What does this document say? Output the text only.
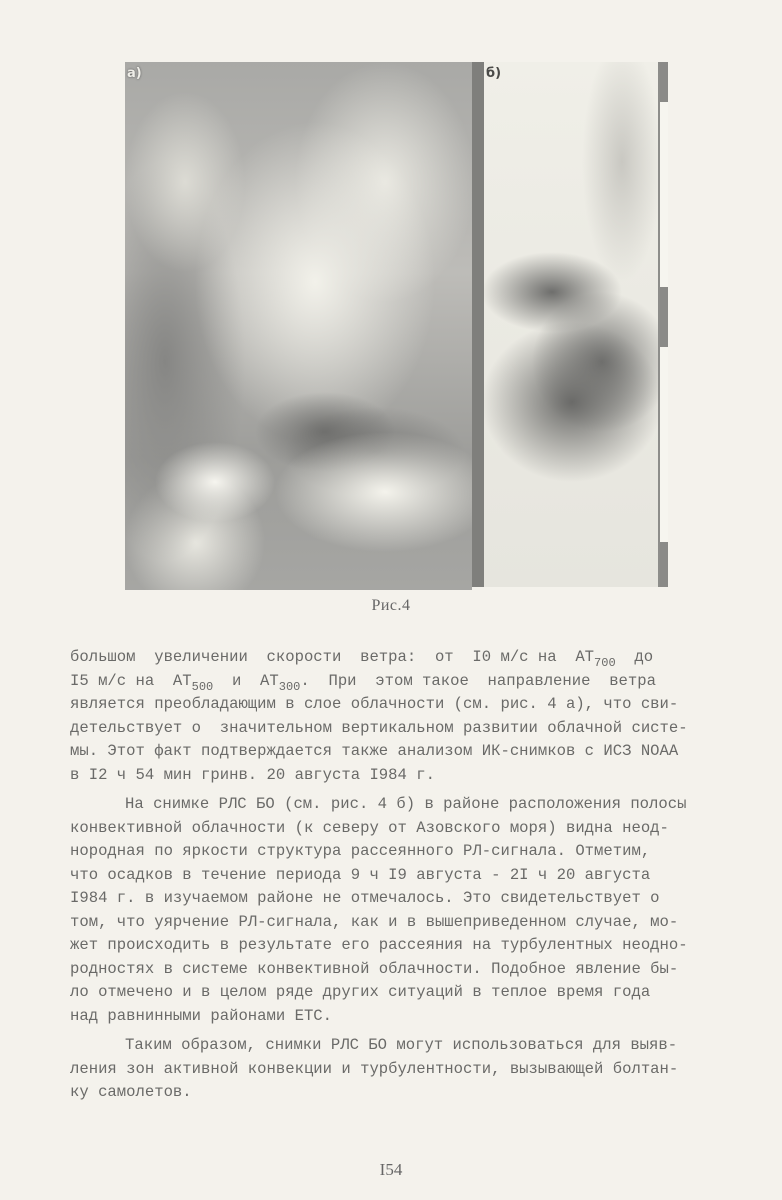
а)	б)
Рис.4
большом  увеличении  скорости  ветра:  от  I0 м/с на  $АТ_{700}$  до
I5 м/с на  $АТ_{500}$  и  $АТ_{300}$.  При  этом такое  направление  ветра
является преобладающим в слое облачности (см. рис. 4 а), что сви-
детельствует о  значительном вертикальном развитии облачной систе-
мы. Этот факт подтверждается также анализом ИК-снимков с ИСЗ NOAA
в I2 ч 54 мин гринв. 20 августа I984 г.
На снимке РЛС БО (см. рис. 4 б) в районе расположения полосы
конвективной облачности (к северу от Азовского моря) видна неод-
нородная по яркости структура рассеянного РЛ-сигнала. Отметим,
что осадков в течение периода 9 ч I9 августа - 2I ч 20 августа
I984 г. в изучаемом районе не отмечалось. Это свидетельствует о
том, что уярчение РЛ-сигнала, как и в вышеприведенном случае, мо-
жет происходить в результате его рассеяния на турбулентных неодно-
родностях в системе конвективной облачности. Подобное явление бы-
ло отмечено и в целом ряде других ситуаций в теплое время года
над равнинными районами ЕТС.
Таким образом, снимки РЛС БО могут использоваться для выяв-
ления зон активной конвекции и турбулентности, вызывающей болтан-
ку самолетов.
I54
